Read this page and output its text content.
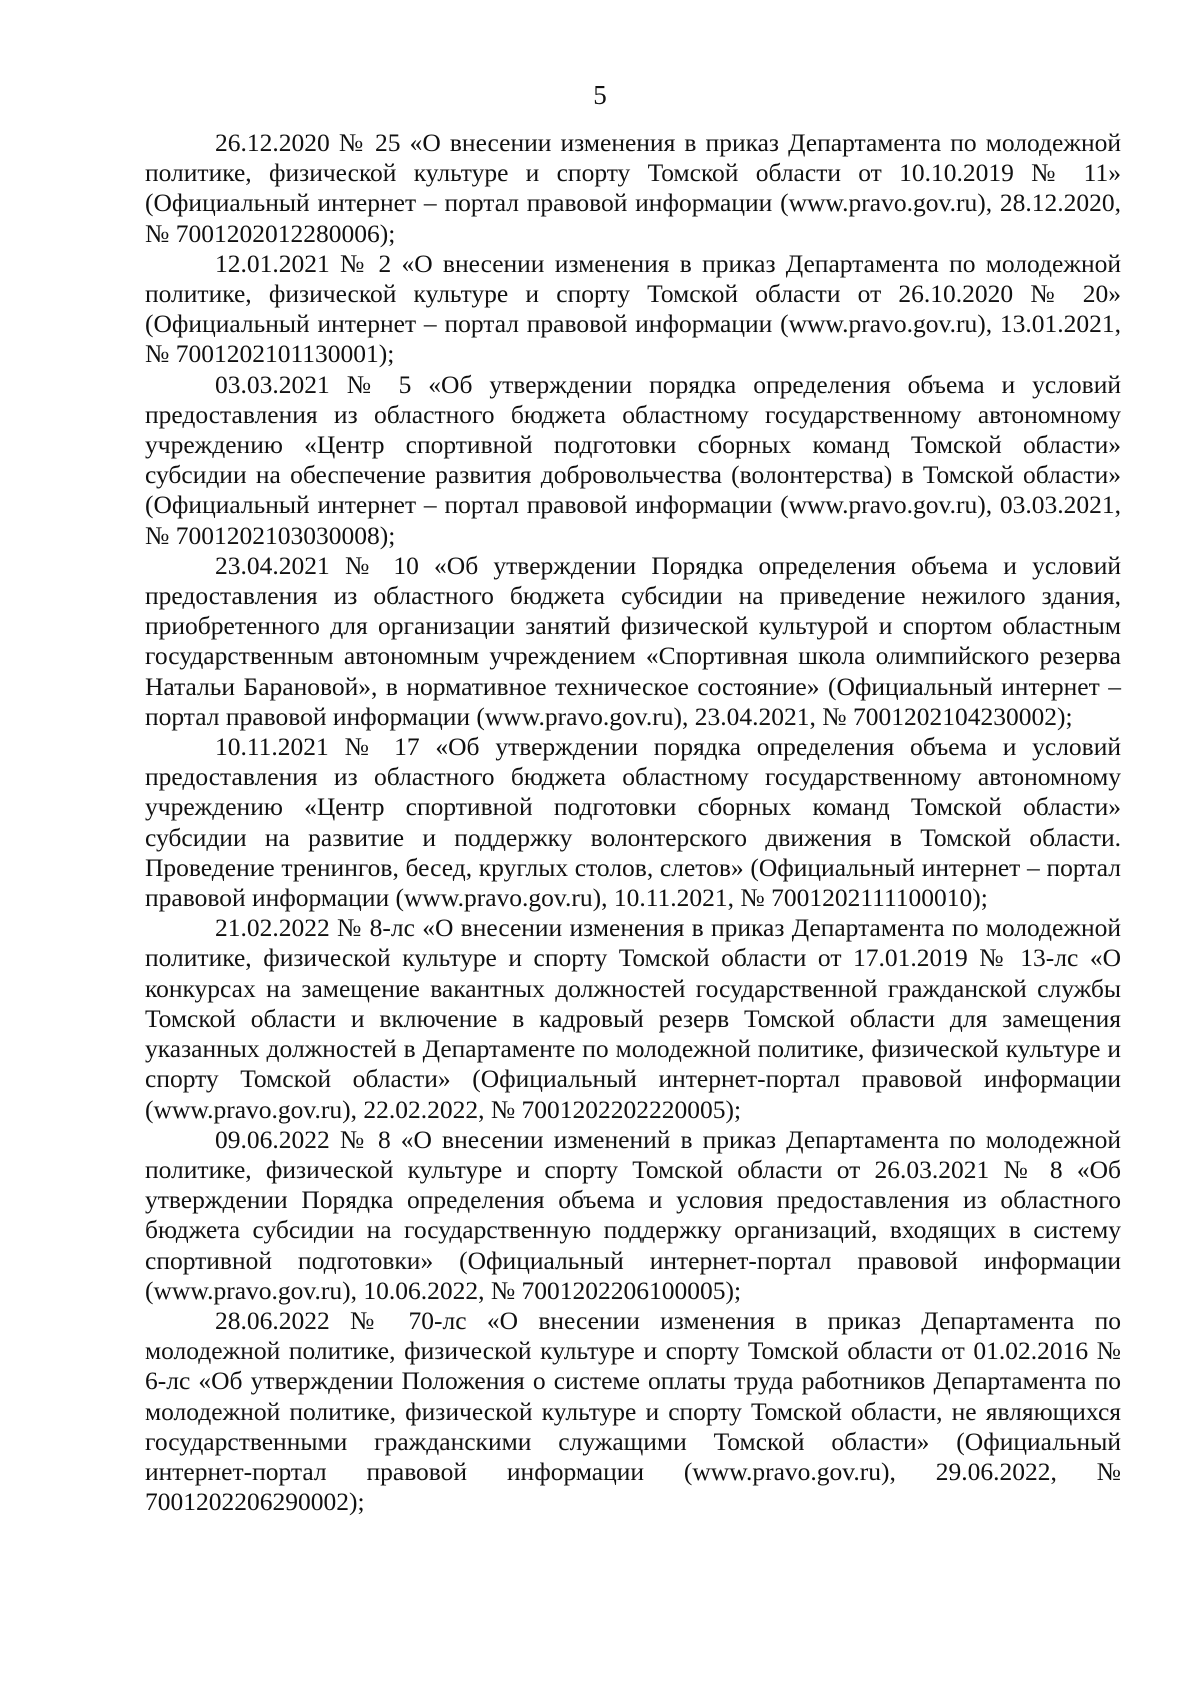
5

26.12.2020 № 25 «О внесении изменения в приказ Департамента по молодежной политике, физической культуре и спорту Томской области от 10.10.2019 № 11» (Официальный интернет – портал правовой информации (www.pravo.gov.ru), 28.12.2020, № 7001202012280006);

12.01.2021 № 2 «О внесении изменения в приказ Департамента по молодежной политике, физической культуре и спорту Томской области от 26.10.2020 № 20» (Официальный интернет – портал правовой информации (www.pravo.gov.ru), 13.01.2021, № 7001202101130001);

03.03.2021 № 5 «Об утверждении порядка определения объема и условий предоставления из областного бюджета областному государственному автономному учреждению «Центр спортивной подготовки сборных команд Томской области» субсидии на обеспечение развития добровольчества (волонтерства) в Томской области» (Официальный интернет – портал правовой информации (www.pravo.gov.ru), 03.03.2021, № 7001202103030008);

23.04.2021 № 10 «Об утверждении Порядка определения объема и условий предоставления из областного бюджета субсидии на приведение нежилого здания, приобретенного для организации занятий физической культурой и спортом областным государственным автономным учреждением «Спортивная школа олимпийского резерва Натальи Барановой», в нормативное техническое состояние» (Официальный интернет – портал правовой информации (www.pravo.gov.ru), 23.04.2021, № 7001202104230002);

10.11.2021 № 17 «Об утверждении порядка определения объема и условий предоставления из областного бюджета областному государственному автономному учреждению «Центр спортивной подготовки сборных команд Томской области» субсидии на развитие и поддержку волонтерского движения в Томской области. Проведение тренингов, бесед, круглых столов, слетов» (Официальный интернет – портал правовой информации (www.pravo.gov.ru), 10.11.2021, № 7001202111100010);

21.02.2022 № 8-лс «О внесении изменения в приказ Департамента по молодежной политике, физической культуре и спорту Томской области от 17.01.2019 № 13-лс «О конкурсах на замещение вакантных должностей государственной гражданской службы Томской области и включение в кадровый резерв Томской области для замещения указанных должностей в Департаменте по молодежной политике, физической культуре и спорту Томской области» (Официальный интернет-портал правовой информации (www.pravo.gov.ru), 22.02.2022, № 7001202202220005);

09.06.2022 № 8 «О внесении изменений в приказ Департамента по молодежной политике, физической культуре и спорту Томской области от 26.03.2021 № 8 «Об утверждении Порядка определения объема и условия предоставления из областного бюджета субсидии на государственную поддержку организаций, входящих в систему спортивной подготовки» (Официальный интернет-портал правовой информации (www.pravo.gov.ru), 10.06.2022, № 7001202206100005);

28.06.2022 № 70-лс «О внесении изменения в приказ Департамента по молодежной политике, физической культуре и спорту Томской области от 01.02.2016 № 6-лс «Об утверждении Положения о системе оплаты труда работников Департамента по молодежной политике, физической культуре и спорту Томской области, не являющихся государственными гражданскими служащими Томской области» (Официальный интернет-портал правовой информации (www.pravo.gov.ru), 29.06.2022, № 7001202206290002);
